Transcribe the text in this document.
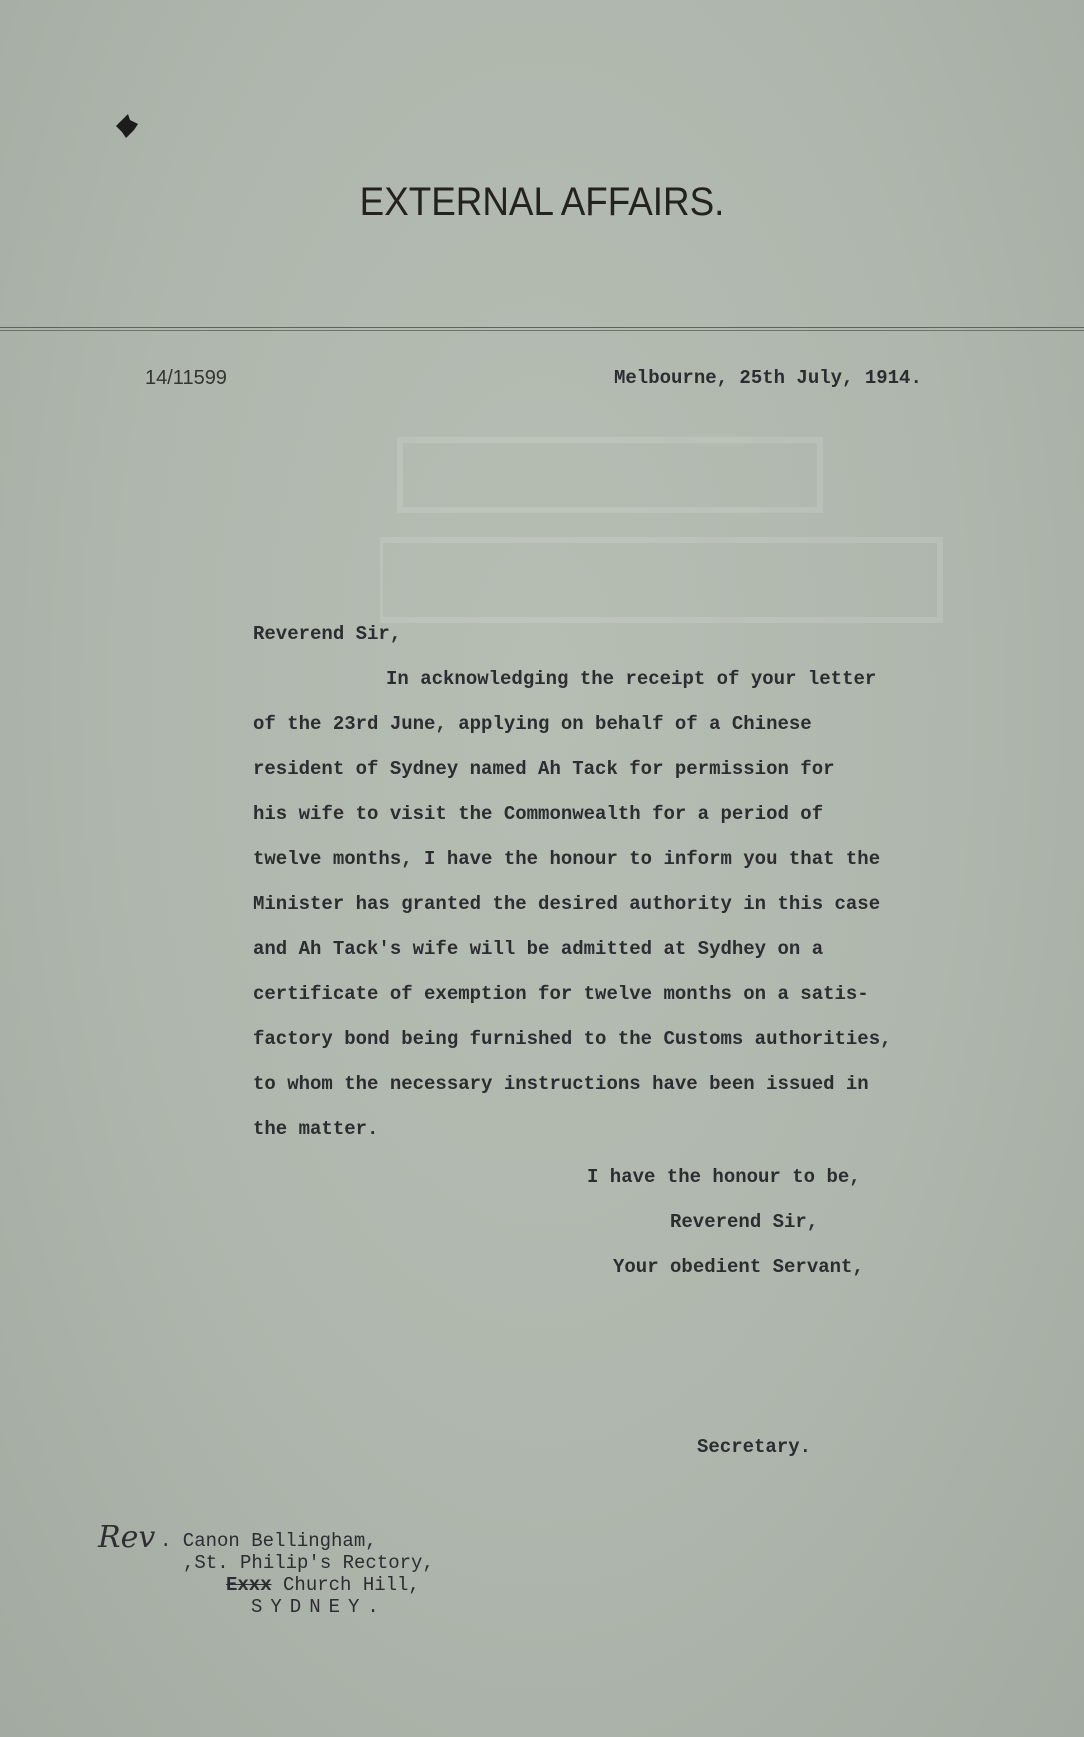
EXTERNAL AFFAIRS.
14/11599	Melbourne, 25th July, 1914.
Reverend Sir,
In acknowledging the receipt of your letter
of the 23rd June, applying on behalf of a Chinese
resident of Sydney named Ah Tack for permission for
his wife to visit the Commonwealth for a period of
twelve months, I have the honour to inform you that the
Minister has granted the desired authority in this case
and Ah Tack's wife will be admitted at Sydhey on a
certificate of exemption for twelve months on a satis-
factory bond being furnished to the Customs authorities,
to whom the necessary instructions have been issued in
the matter.
I have the honour to be,
Reverend Sir,
Your obedient Servant,
Secretary.
Rev . Canon Bellingham,
,St. Philip's Rectory,
Exxx Church Hill,
SYDNEY.
